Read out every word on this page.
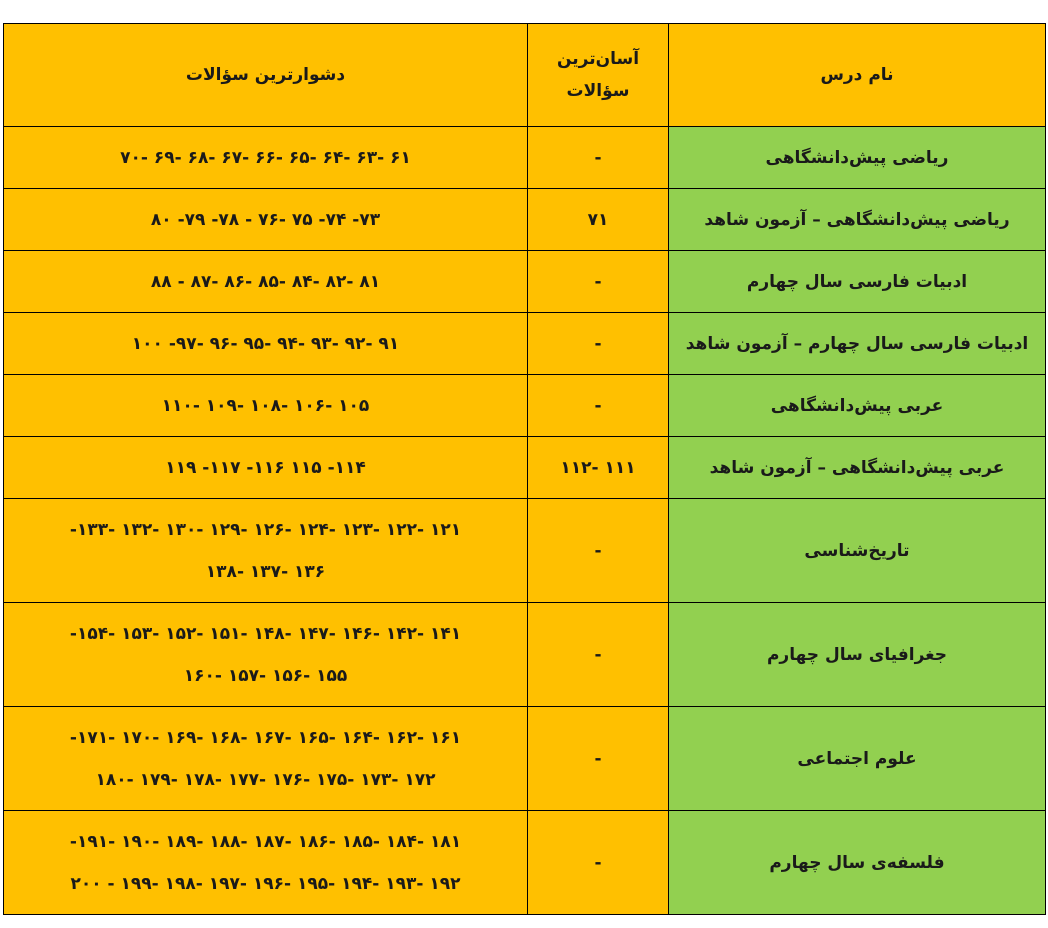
نام درس	آسان‌ترین سؤالات	دشوارترین سؤالات
ریاضی پیش‌دانشگاهی	-	۶۱ -۶۳ -۶۴ -۶۵ -۶۶ -۶۷ -۶۸ -۶۹ -۷۰
ریاضی پیش‌دانشگاهی – آزمون شاهد	۷۱	۷۳- ۷۴- ۷۵ -۷۶ - ۷۸- ۷۹- ۸۰
ادبیات فارسی سال چهارم	-	۸۱ -۸۲ -۸۴ -۸۵ -۸۶ -۸۷ - ۸۸
ادبیات فارسی سال چهارم – آزمون شاهد	-	۹۱ -۹۲ -۹۳ -۹۴ -۹۵ -۹۶ -۹۷- ۱۰۰
عربی پیش‌دانشگاهی	-	۱۰۵ -۱۰۶ -۱۰۸ -۱۰۹ -۱۱۰
عربی پیش‌دانشگاهی – آزمون شاهد	۱۱۱ -۱۱۲	۱۱۴- ۱۱۵ ۱۱۶- ۱۱۷- ۱۱۹
تاریخ‌شناسی	-	۱۲۱ -۱۲۲ -۱۲۳ -۱۲۴ -۱۲۶ -۱۲۹ -۱۳۰ -۱۳۲ -۱۳۳-
۱۳۶ -۱۳۷ -۱۳۸

جغرافیای سال چهارم	-	۱۴۱ -۱۴۲ -۱۴۶ -۱۴۷ -۱۴۸ -۱۵۱ -۱۵۲ -۱۵۳ -۱۵۴-
۱۵۵ -۱۵۶ -۱۵۷ -۱۶۰

علوم اجتماعی	-	۱۶۱ -۱۶۲ -۱۶۴ -۱۶۵ -۱۶۷ -۱۶۸ -۱۶۹ -۱۷۰ -۱۷۱-
۱۷۲ -۱۷۳ -۱۷۵ -۱۷۶ -۱۷۷ -۱۷۸ -۱۷۹ -۱۸۰

فلسفه‌ی سال چهارم	-	۱۸۱ -۱۸۴ -۱۸۵ -۱۸۶ -۱۸۷ -۱۸۸ -۱۸۹ -۱۹۰ -۱۹۱-
۱۹۲ -۱۹۳ -۱۹۴ -۱۹۵ -۱۹۶ -۱۹۷ -۱۹۸ -۱۹۹ - ۲۰۰
